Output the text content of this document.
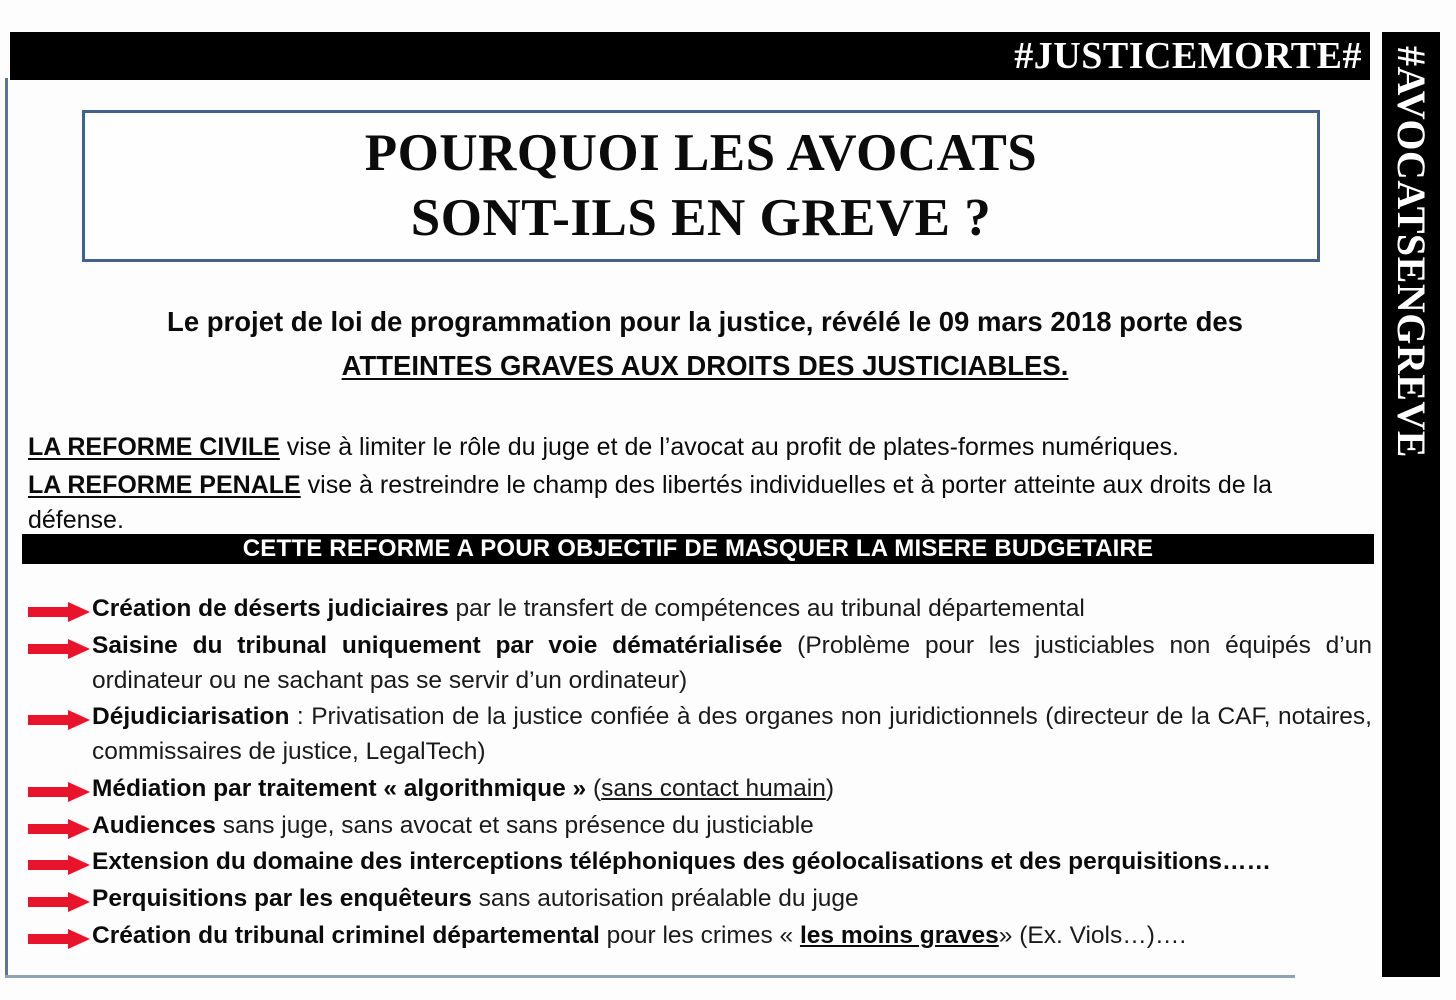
#JUSTICEMORTE# #AVOCATSENGREVE
POURQUOI LES AVOCATS
SONT-ILS EN GREVE ?
Le projet de loi de programmation pour la justice, révélé le 09 mars 2018 porte des
ATTEINTES GRAVES AUX DROITS DES JUSTICIABLES.

LA REFORME CIVILE vise à limiter le rôle du juge et de l’avocat au profit de plates-formes numériques.

LA REFORME PENALE vise à restreindre le champ des libertés individuelles et à porter atteinte aux droits de la défense.

CETTE REFORME A POUR OBJECTIF DE MASQUER LA MISERE BUDGETAIRE
Création de déserts judiciaires par le transfert de compétences au tribunal départemental
Saisine du tribunal uniquement par voie dématérialisée (Problème pour les justiciables non équipés d’un ordinateur ou ne sachant pas se servir d’un ordinateur)
Déjudiciarisation : Privatisation de la justice confiée à des organes non juridictionnels (directeur de la CAF, notaires, commissaires de justice, LegalTech)
Médiation par traitement « algorithmique » (sans contact humain)
Audiences sans juge, sans avocat et sans présence du justiciable
Extension du domaine des interceptions téléphoniques des géolocalisations et des perquisitions……
Perquisitions par les enquêteurs sans autorisation préalable du juge
Création du tribunal criminel départemental pour les crimes « les moins graves» (Ex. Viols…)….
